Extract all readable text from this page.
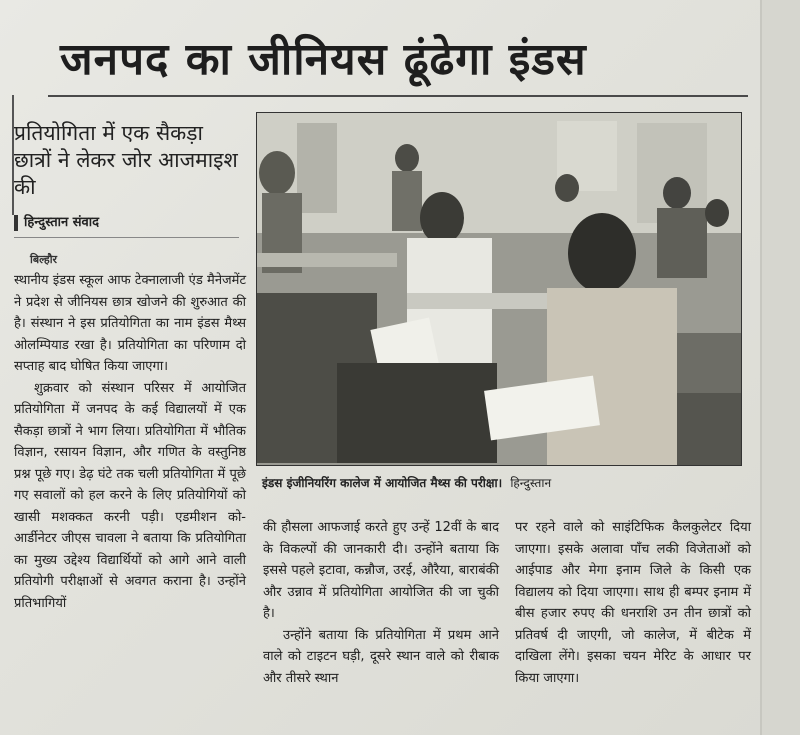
जनपद का जीनियस ढूंढेगा इंडस
प्रतियोगिता में एक सैकड़ा छात्रों ने लेकर जोर आजमाइश की
हिन्दुस्तान संवाद
बिल्हौर

स्थानीय इंडस स्कूल आफ टेक्नालाजी एंड मैनेजमेंट ने प्रदेश से जीनियस छात्र खोजने की शुरुआत की है। संस्थान ने इस प्रतियोगिता का नाम इंडस मैथ्स ओलम्पियाड रखा है। प्रतियोगिता का परिणाम दो सप्ताह बाद घोषित किया जाएगा।

शुक्रवार को संस्थान परिसर में आयोजित प्रतियोगिता में जनपद के कई विद्यालयों में एक सैकड़ा छात्रों ने भाग लिया। प्रतियोगिता में भौतिक विज्ञान, रसायन विज्ञान, और गणित के वस्तुनिष्ठ प्रश्न पूछे गए। डेढ़ घंटे तक चली प्रतियोगिता में पूछे गए सवालों को हल करने के लिए प्रतियोगियों को खासी मशक्कत करनी पड़ी। एडमीशन को-आर्डीनेटर जीएस चावला ने बताया कि प्रतियोगिता का मुख्य उद्देश्य विद्यार्थियों को आगे आने वाली प्रतियोगी परीक्षाओं से अवगत कराना है। उन्होंने प्रतिभागियों

इंडस इंजीनियरिंग कालेज में आयोजित मैथ्स की परीक्षा। हिन्दुस्तान

की हौसला आफजाई करते हुए उन्हें 12वीं के बाद के विकल्पों की जानकारी दी। उन्होंने बताया कि इससे पहले इटावा, कन्नौज, उरई, औरैया, बाराबंकी और उन्नाव में प्रतियोगिता आयोजित की जा चुकी है।

उन्होंने बताया कि प्रतियोगिता में प्रथम आने वाले को टाइटन घड़ी, दूसरे स्थान वाले को रीबाक और तीसरे स्थान

पर रहने वाले को साइंटिफिक कैलकुलेटर दिया जाएगा। इसके अलावा पाँच लकी विजेताओं को आईपाड और मेगा इनाम जिले के किसी एक विद्यालय को दिया जाएगा। साथ ही बम्पर इनाम में बीस हजार रुपए की धनराशि उन तीन छात्रों को प्रतिवर्ष दी जाएगी, जो कालेज, में बीटेक में दाखिला लेंगे। इसका चयन मेरिट के आधार पर किया जाएगा।
